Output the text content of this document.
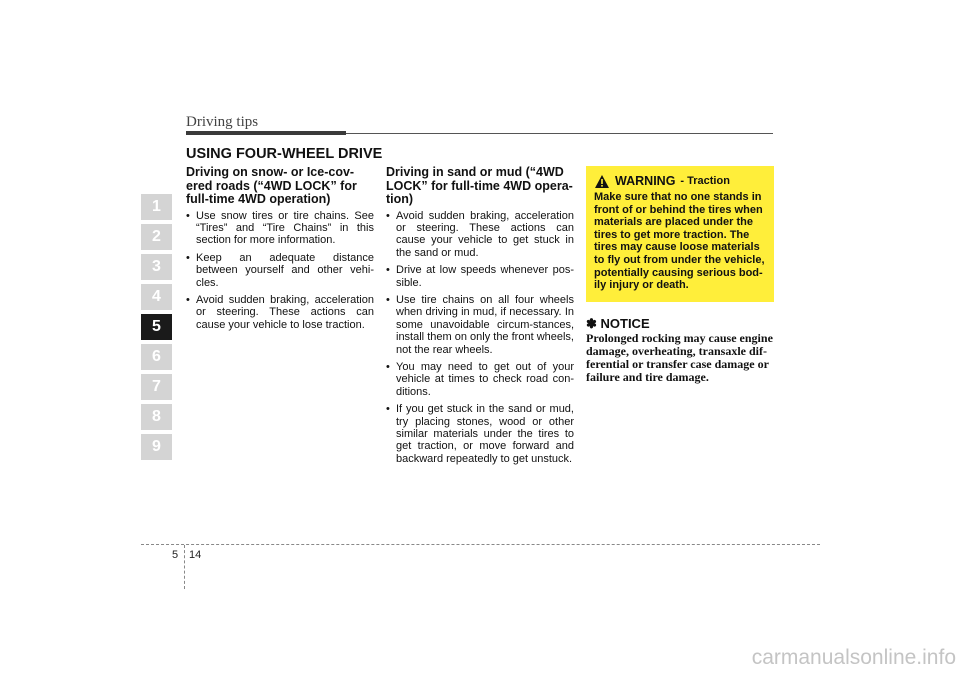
Driving tips
USING FOUR-WHEEL DRIVE
1
2
3
4
5
6
7
8
9
Driving on snow- or Ice-cov-ered roads (“4WD LOCK” for full-time 4WD operation)
• Use snow tires or tire chains. See “Tires” and “Tire Chains” in this section for more information.
• Keep an adequate distance between yourself and other vehi-cles.
• Avoid sudden braking, acceleration or steering. These actions can cause your vehicle to lose traction.
Driving in sand or mud (“4WD LOCK” for full-time 4WD opera-tion)
• Avoid sudden braking, acceleration or steering. These actions can cause your vehicle to get stuck in the sand or mud.
• Drive at low speeds whenever pos-sible.
• Use tire chains on all four wheels when driving in mud, if necessary. In some unavoidable circum-stances, install them on only the front wheels, not the rear wheels.
• You may need to get out of your vehicle at times to check road con-ditions.
• If you get stuck in the sand or mud, try placing stones, wood or other similar materials under the tires to get traction, or move forward and backward repeatedly to get unstuck.
WARNING - Traction
Make sure that no one stands in front of or behind the tires when materials are placed under the tires to get more traction. The tires may cause loose materials to fly out from under the vehicle, potentially causing serious bod-ily injury or death.
✽ NOTICE
Prolonged rocking may cause engine damage, overheating, transaxle dif-ferential or transfer case damage or failure and tire damage.
5 14
carmanualsonline.info
